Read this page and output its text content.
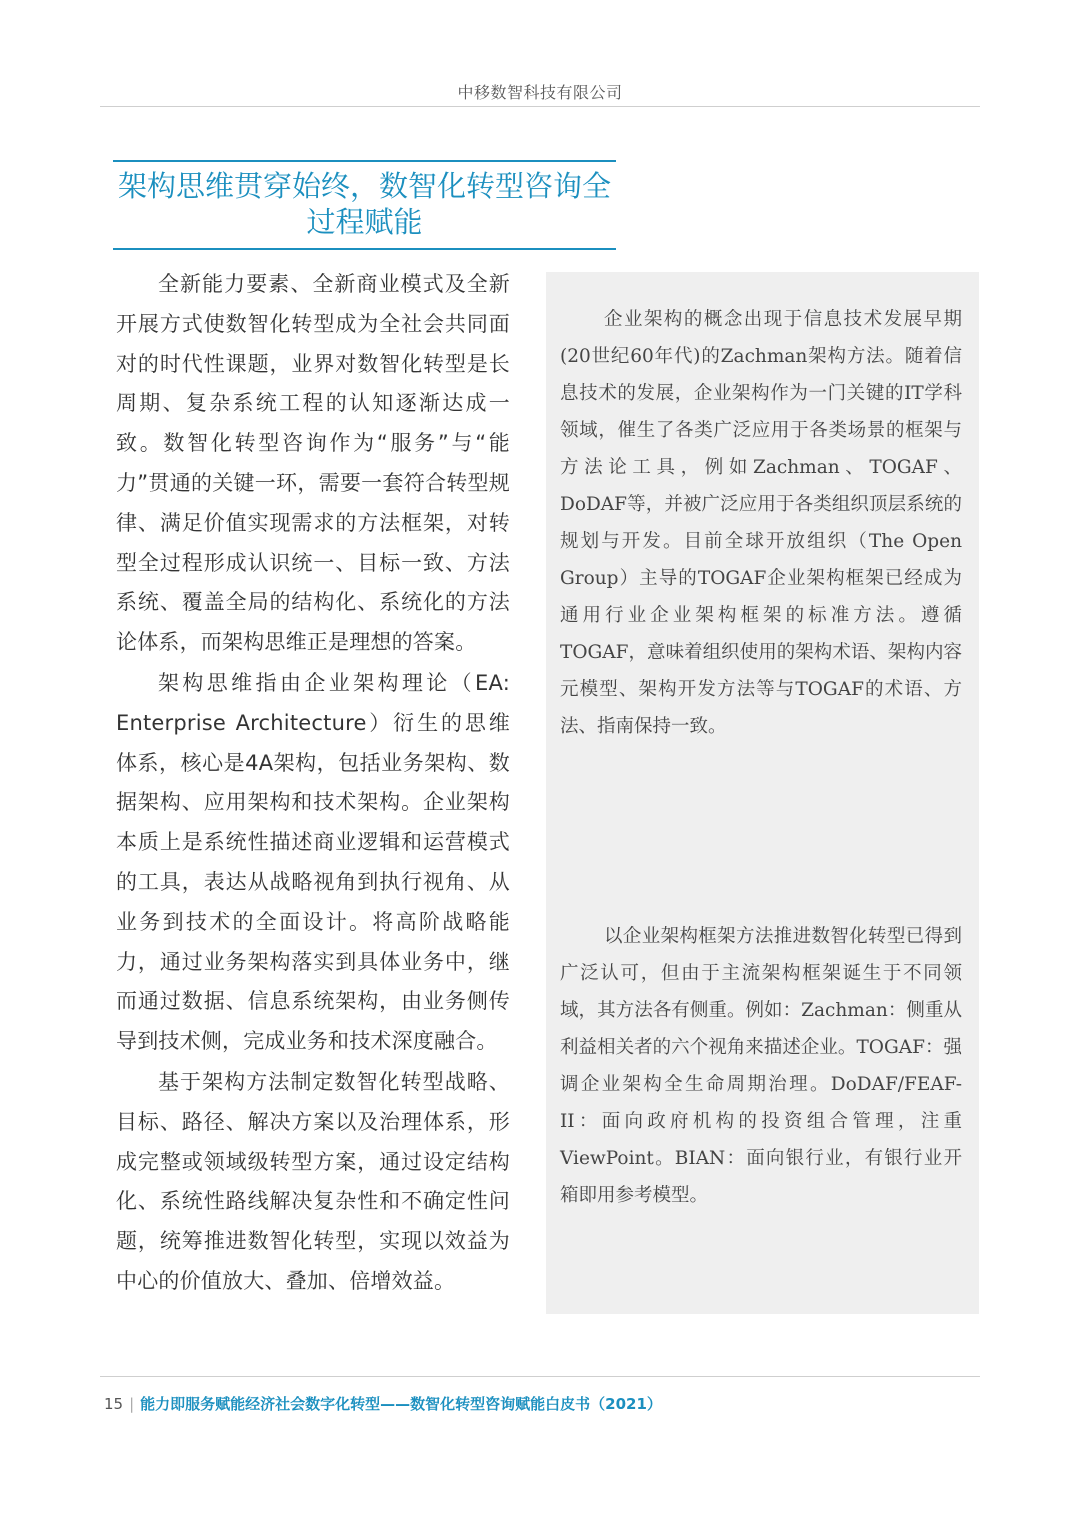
中移数智科技有限公司
架构思维贯穿始终，数智化转型咨询全
过程赋能

全新能力要素、全新商业模式及全新开展方式使数智化转型成为全社会共同面对的时代性课题，业界对数智化转型是长周期、复杂系统工程的认知逐渐达成一致。数智化转型咨询作为“服务”与“能力”贯通的关键一环，需要一套符合转型规律、满足价值实现需求的方法框架，对转型全过程形成认识统一、目标一致、方法系统、覆盖全局的结构化、系统化的方法论体系，而架构思维正是理想的答案。

架构思维指由企业架构理论（EA: Enterprise Architecture）衍生的思维体系，核心是4A架构，包括业务架构、数据架构、应用架构和技术架构。企业架构本质上是系统性描述商业逻辑和运营模式的工具，表达从战略视角到执行视角、从业务到技术的全面设计。将高阶战略能力，通过业务架构落实到具体业务中，继而通过数据、信息系统架构，由业务侧传导到技术侧，完成业务和技术深度融合。

基于架构方法制定数智化转型战略、目标、路径、解决方案以及治理体系，形成完整或领域级转型方案，通过设定结构化、系统性路线解决复杂性和不确定性问题，统筹推进数智化转型，实现以效益为中心的价值放大、叠加、倍增效益。

企业架构的概念出现于信息技术发展早期(20世纪60年代)的Zachman架构方法。随着信息技术的发展，企业架构作为一门关键的IT学科领域，催生了各类广泛应用于各类场景的框架与方法论工具，例如Zachman、TOGAF、DoDAF等，并被广泛应用于各类组织顶层系统的规划与开发。目前全球开放组织（The Open Group）主导的TOGAF企业架构框架已经成为通用行业企业架构框架的标准方法。遵循TOGAF，意味着组织使用的架构术语、架构内容元模型、架构开发方法等与TOGAF的术语、方法、指南保持一致。

以企业架构框架方法推进数智化转型已得到广泛认可，但由于主流架构框架诞生于不同领域，其方法各有侧重。例如：Zachman：侧重从利益相关者的六个视角来描述企业。TOGAF：强调企业架构全生命周期治理。DoDAF/FEAF-II：面向政府机构的投资组合管理，注重ViewPoint。BIAN：面向银行业，有银行业开箱即用参考模型。

15 | 能力即服务赋能经济社会数字化转型——数智化转型咨询赋能白皮书（2021）
